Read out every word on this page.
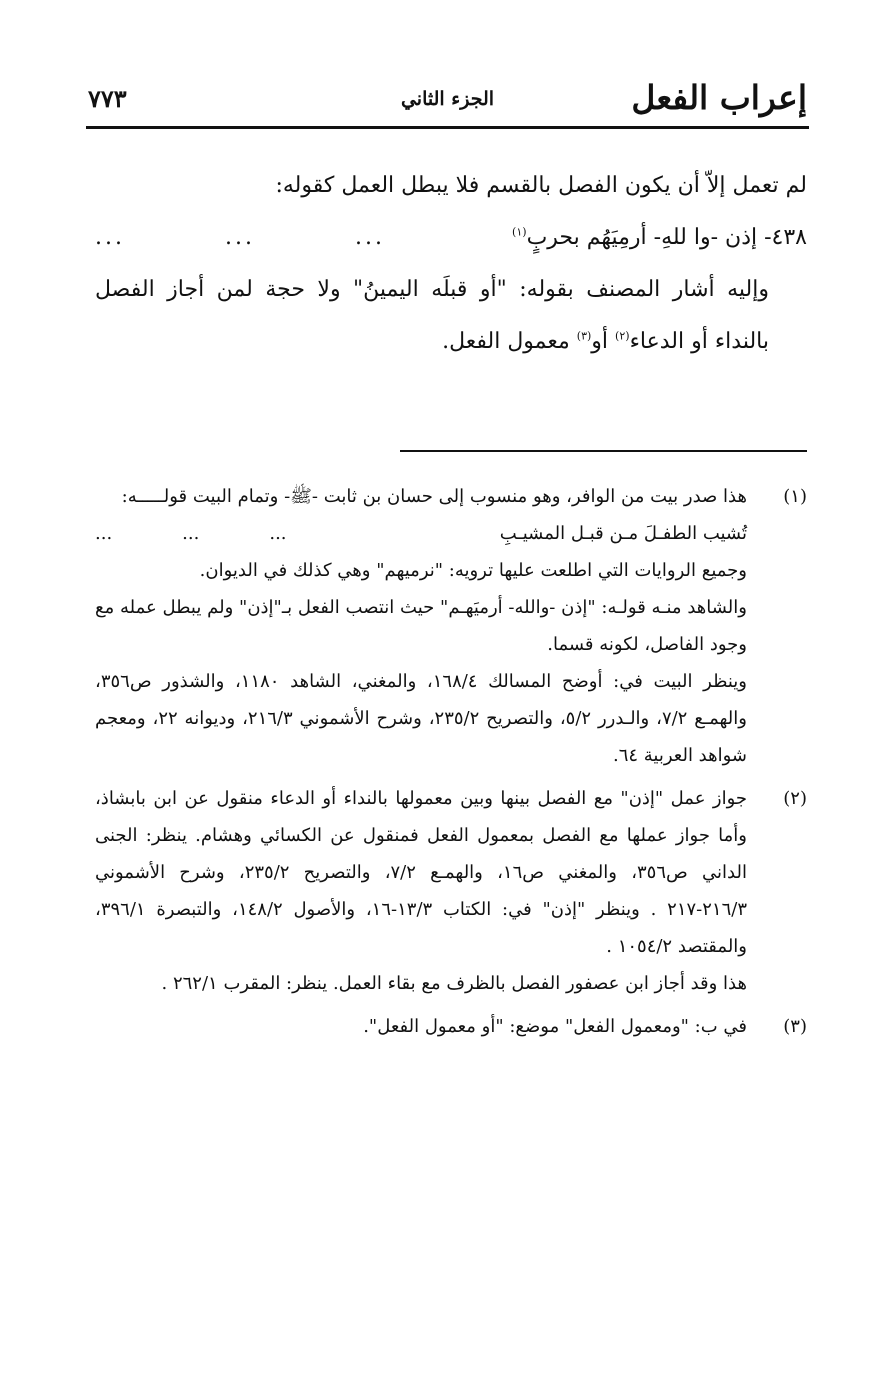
إعراب الفعل
الجزء الثاني
٧٧٣

لم تعمل إلاّ أن يكون الفصل بالقسم فلا يبطل العمل كقوله:

٤٣٨- إذن -وا للهِ- أرمِيَهُم بحربٍ$^{(١)}$
...	...	...

وإليه أشار المصنف بقوله: "أو قبلَه اليمينُ" ولا حجة لمن أجاز الفصل بالنداء أو الدعاء$^{(٢)}$ أو$^{(٣)}$ معمول الفعل.

(١)

هذا صدر بيت من الوافر، وهو منسوب إلى حسان بن ثابت -ﷺ- وتمام البيت قولـــــه:

تُشيب الطفـلَ مـن قبـل المشيـبِ
...	...	...

وجميع الروايات التي اطلعت عليها ترويه: "نرميهم" وهي كذلك في الديوان.

والشاهد منـه قولـه: "إذن -والله- أرميَهـم" حيث انتصب الفعل بـ"إذن" ولم يبطل عمله مع وجود الفاصل، لكونه قسما.

وينظر البيت في: أوضح المسالك ١٦٨/٤، والمغني، الشاهد ١١٨٠، والشذور ص٣٥٦، والهمـع ٧/٢، والـدرر ٥/٢، والتصريح ٢٣٥/٢، وشرح الأشموني ٢١٦/٣، وديوانه ٢٢، ومعجم شواهد العربية ٦٤.

(٢)

جواز عمل "إذن" مع الفصل بينها وبين معمولها بالنداء أو الدعاء منقول عن ابن بابشاذ، وأما جواز عملها مع الفصل بمعمول الفعل فمنقول عن الكسائي وهشام. ينظر: الجنى الداني ص٣٥٦، والمغني ص١٦، والهمـع ٧/٢، والتصريح ٢٣٥/٢، وشرح الأشموني ٢١٦/٣-٢١٧ . وينظر "إذن" في: الكتاب ١٣/٣-١٦، والأصول ١٤٨/٢، والتبصرة ٣٩٦/١، والمقتصد ١٠٥٤/٢ .

هذا وقد أجاز ابن عصفور الفصل بالظرف مع بقاء العمل. ينظر: المقرب ٢٦٢/١ .

(٣)

في ب: "ومعمول الفعل" موضع: "أو معمول الفعل".
